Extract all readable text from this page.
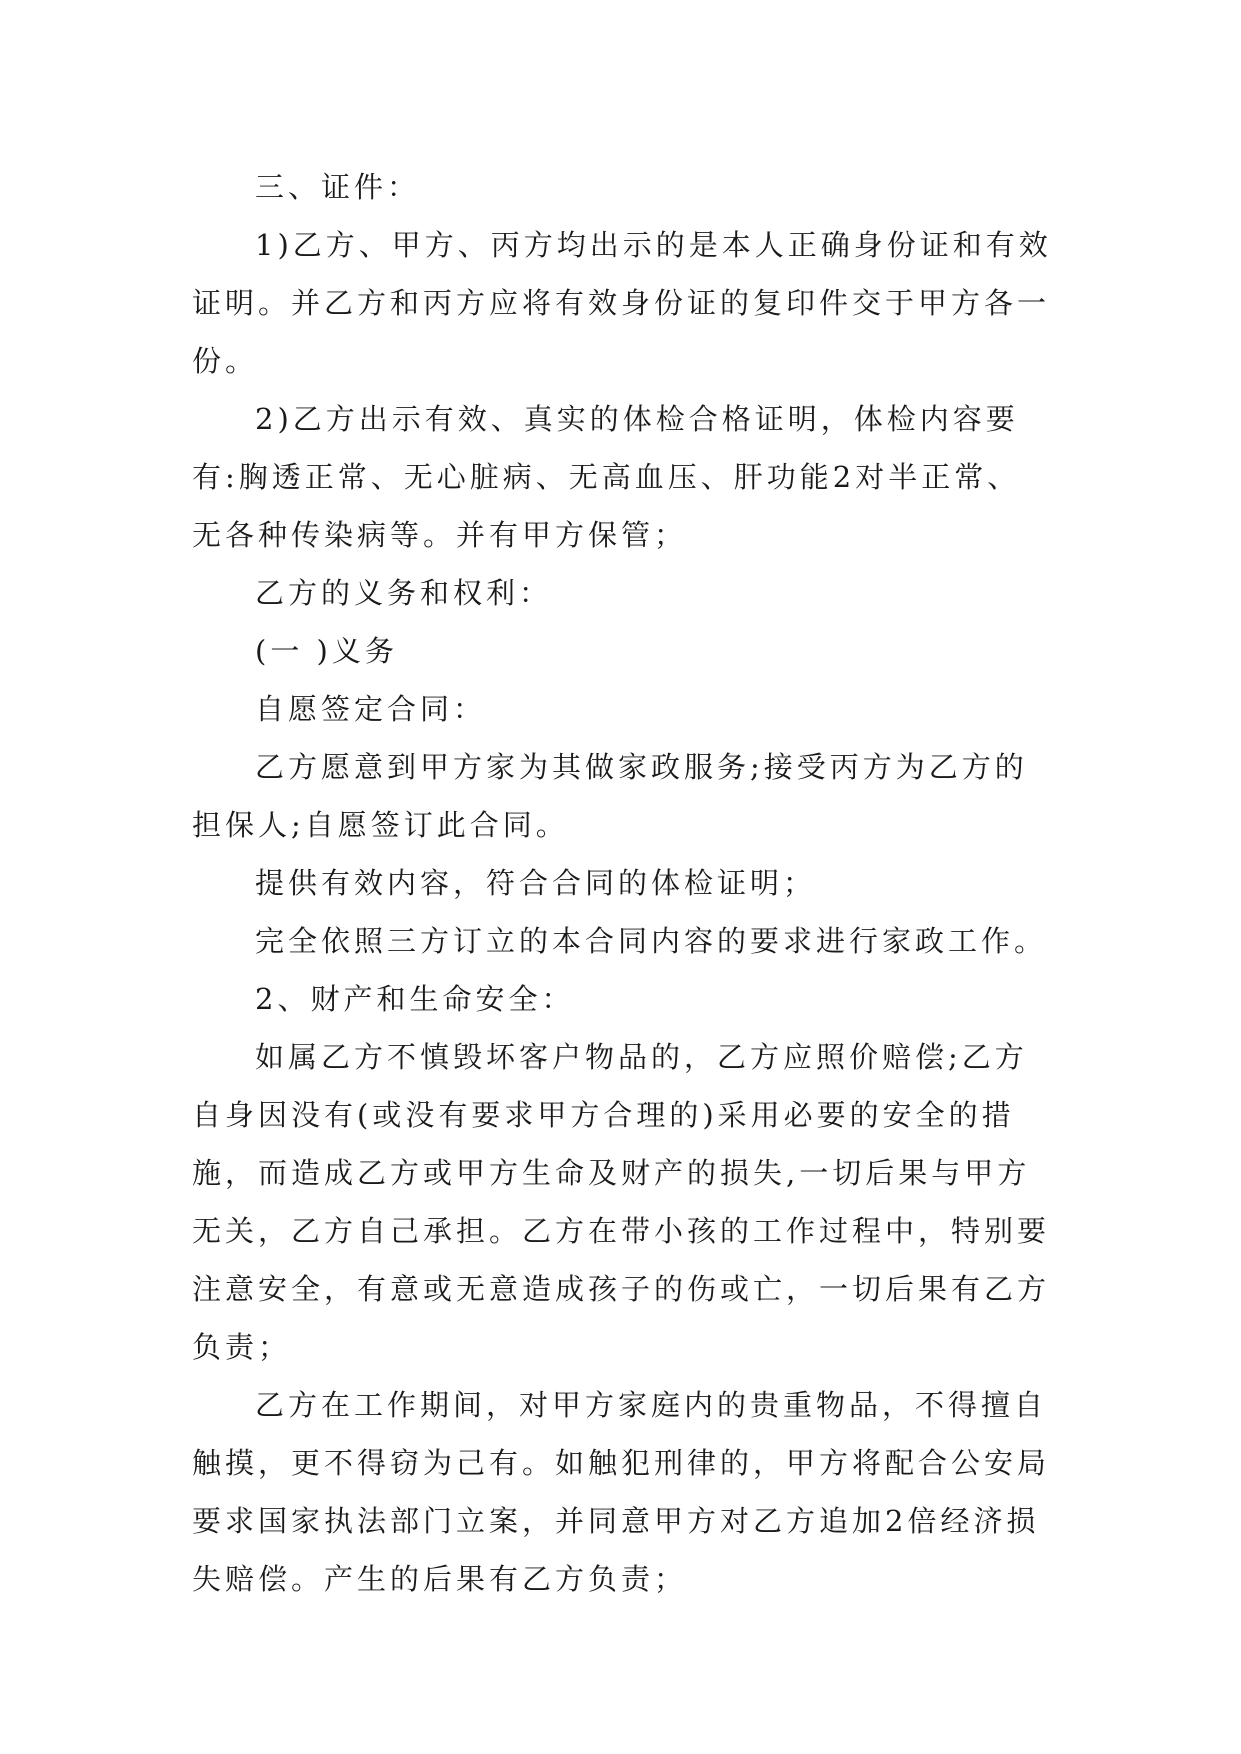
三、证件：

1)乙方、甲方、丙方均出示的是本人正确身份证和有效证明。并乙方和丙方应将有效身份证的复印件交于甲方各一份。

2)乙方出示有效、真实的体检合格证明，体检内容要有:胸透正常、无心脏病、无高血压、肝功能2对半正常、无各种传染病等。并有甲方保管；

乙方的义务和权利：

(一 )义务

自愿签定合同：

乙方愿意到甲方家为其做家政服务;接受丙方为乙方的担保人;自愿签订此合同。

提供有效内容，符合合同的体检证明；

完全依照三方订立的本合同内容的要求进行家政工作。

2、财产和生命安全：

如属乙方不慎毁坏客户物品的，乙方应照价赔偿;乙方自身因没有(或没有要求甲方合理的)采用必要的安全的措施，而造成乙方或甲方生命及财产的损失,一切后果与甲方无关，乙方自己承担。乙方在带小孩的工作过程中，特别要注意安全，有意或无意造成孩子的伤或亡，一切后果有乙方负责；

乙方在工作期间，对甲方家庭内的贵重物品，不得擅自触摸，更不得窃为己有。如触犯刑律的，甲方将配合公安局要求国家执法部门立案，并同意甲方对乙方追加2倍经济损失赔偿。产生的后果有乙方负责；
